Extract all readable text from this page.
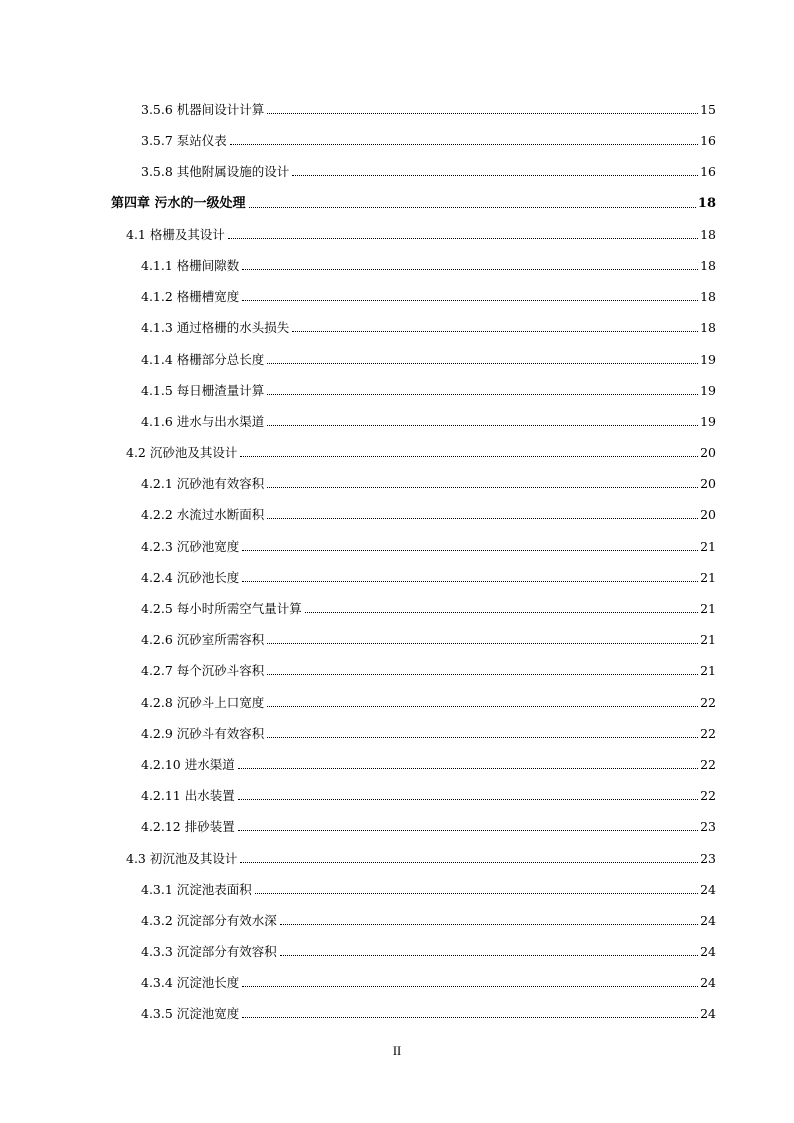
3.5.6 机器间设计计算	15
3.5.7 泵站仪表	16
3.5.8 其他附属设施的设计	16
第四章 污水的一级处理	18
4.1 格栅及其设计	18
4.1.1 格栅间隙数	18
4.1.2 格栅槽宽度	18
4.1.3 通过格栅的水头损失	18
4.1.4 格栅部分总长度	19
4.1.5 每日栅渣量计算	19
4.1.6 进水与出水渠道	19
4.2 沉砂池及其设计	20
4.2.1 沉砂池有效容积	20
4.2.2 水流过水断面积	20
4.2.3 沉砂池宽度	21
4.2.4 沉砂池长度	21
4.2.5 每小时所需空气量计算	21
4.2.6 沉砂室所需容积	21
4.2.7 每个沉砂斗容积	21
4.2.8 沉砂斗上口宽度	22
4.2.9 沉砂斗有效容积	22
4.2.10 进水渠道	22
4.2.11 出水装置	22
4.2.12 排砂装置	23
4.3 初沉池及其设计	23
4.3.1 沉淀池表面积	24
4.3.2 沉淀部分有效水深	24
4.3.3 沉淀部分有效容积	24
4.3.4 沉淀池长度	24
4.3.5 沉淀池宽度	24
II
